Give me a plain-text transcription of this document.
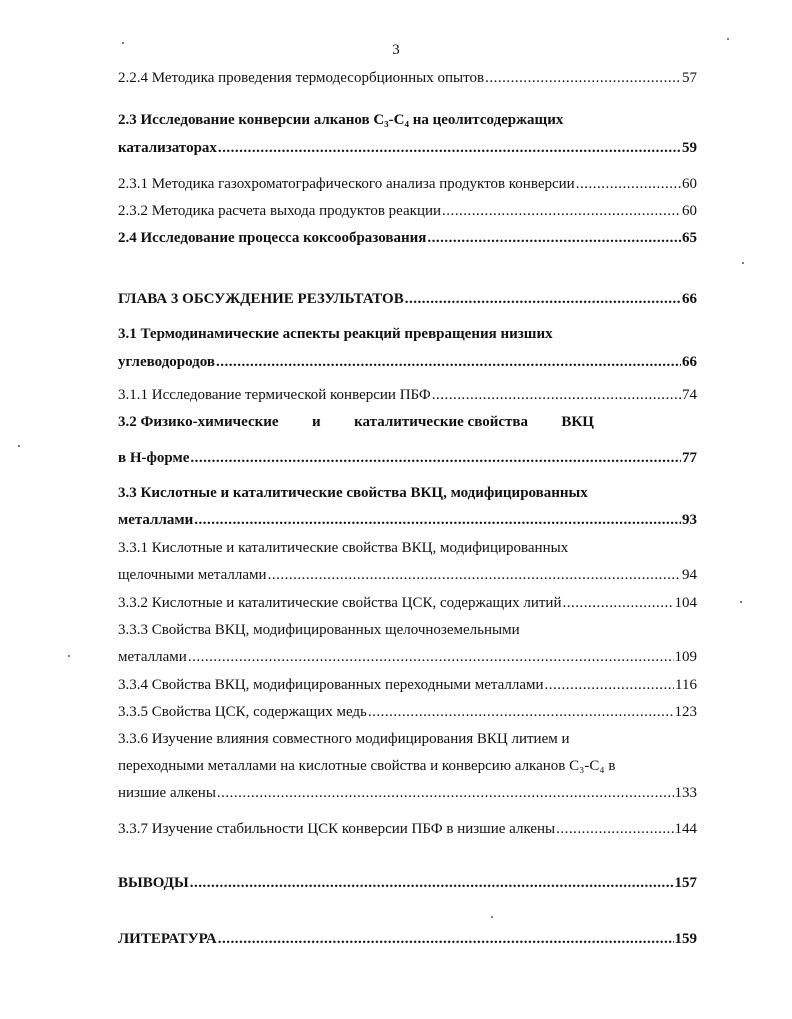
3
2.2.4 Методика проведения термодесорбционных опытов .....	57
2.3 Исследование конверсии алканов C₃-C₄ на цеолитсодержащих
катализаторах .....	59
2.3.1 Методика газохроматографического анализа продуктов конверсии .....	60
2.3.2 Методика расчета выхода продуктов реакции .....	60
2.4 Исследование процесса коксообразования .....	65
ГЛАВА 3 ОБСУЖДЕНИЕ РЕЗУЛЬТАТОВ .....	66
3.1 Термодинамические аспекты реакций превращения низших
углеводородов .....	66
3.1.1 Исследование термической конверсии ПБФ .....	74
3.2 Физико-химические и каталитические свойства ВКЦ
в Н-форме .....	77
3.3 Кислотные и каталитические свойства ВКЦ, модифицированных
металлами .....	93
3.3.1 Кислотные и каталитические свойства ВКЦ, модифицированных
щелочными металлами .....	94
3.3.2 Кислотные и каталитические свойства ЦСК, содержащих литий .....	104
3.3.3 Свойства ВКЦ, модифицированных щелочноземельными
металлами .....	109
3.3.4 Свойства ВКЦ, модифицированных переходными металлами .....	116
3.3.5 Свойства ЦСК, содержащих медь .....	123
3.3.6 Изучение влияния совместного модифицирования ВКЦ литием и
переходными металлами на кислотные свойства и конверсию алканов C₃-C₄ в
низшие алкены .....	133
3.3.7 Изучение стабильности ЦСК конверсии ПБФ в низшие алкены .....	144
ВЫВОДЫ .....	157
ЛИТЕРАТУРА .....	159
